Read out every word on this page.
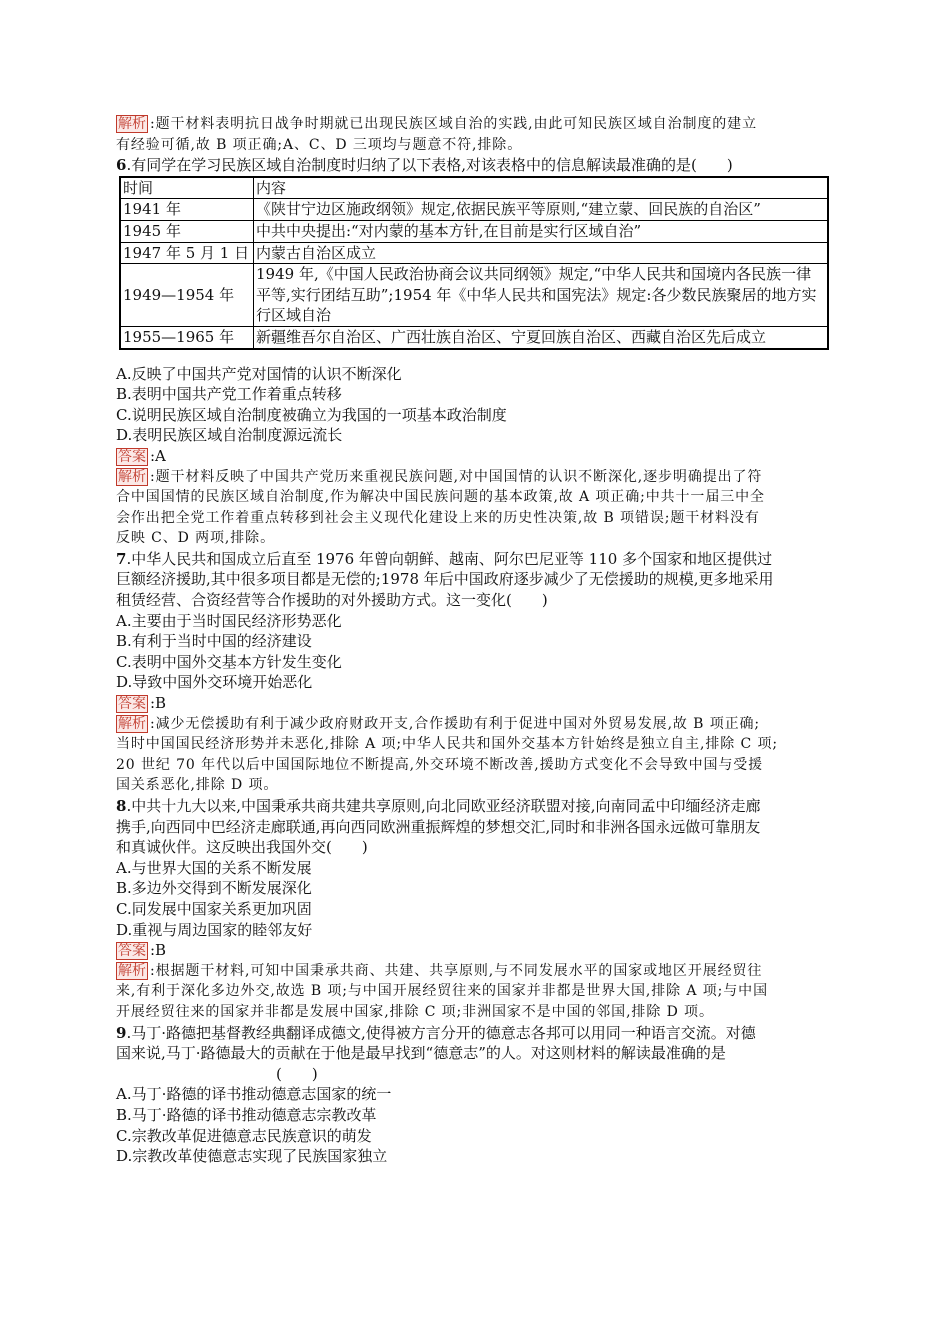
解析 :题干材料表明抗日战争时期就已出现民族区域自治的实践,由此可知民族区域自治制度的建立
有经验可循,故 B 项正确;A、C、D 三项均与题意不符,排除。
6.有同学在学习民族区域自治制度时归纳了以下表格,对该表格中的信息解读最准确的是(　　)
时间	内容
1941 年	《陕甘宁边区施政纲领》规定,依据民族平等原则,“建立蒙、回民族的自治区”
1945 年	中共中央提出:“对内蒙的基本方针,在目前是实行区域自治”
1947 年 5 月 1 日	内蒙古自治区成立
1949—1954 年	1949 年,《中国人民政治协商会议共同纲领》规定,“中华人民共和国境内各民族一律平等,实行团结互助”;1954 年《中华人民共和国宪法》规定:各少数民族聚居的地方实行区域自治
1955—1965 年	新疆维吾尔自治区、广西壮族自治区、宁夏回族自治区、西藏自治区先后成立
A.反映了中国共产党对国情的认识不断深化
B.表明中国共产党工作着重点转移
C.说明民族区域自治制度被确立为我国的一项基本政治制度
D.表明民族区域自治制度源远流长
答案 :A
解析 :题干材料反映了中国共产党历来重视民族问题,对中国国情的认识不断深化,逐步明确提出了符
合中国国情的民族区域自治制度,作为解决中国民族问题的基本政策,故 A 项正确;中共十一届三中全
会作出把全党工作着重点转移到社会主义现代化建设上来的历史性决策,故 B 项错误;题干材料没有
反映 C、D 两项,排除。
7.中华人民共和国成立后直至 1976 年曾向朝鲜、越南、阿尔巴尼亚等 110 多个国家和地区提供过
巨额经济援助,其中很多项目都是无偿的;1978 年后中国政府逐步减少了无偿援助的规模,更多地采用
租赁经营、合资经营等合作援助的对外援助方式。这一变化(　　)
A.主要由于当时国民经济形势恶化
B.有利于当时中国的经济建设
C.表明中国外交基本方针发生变化
D.导致中国外交环境开始恶化
答案 :B
解析 :减少无偿援助有利于减少政府财政开支,合作援助有利于促进中国对外贸易发展,故 B 项正确;
当时中国国民经济形势并未恶化,排除 A 项;中华人民共和国外交基本方针始终是独立自主,排除 C 项;
20 世纪 70 年代以后中国国际地位不断提高,外交环境不断改善,援助方式变化不会导致中国与受援
国关系恶化,排除 D 项。
8.中共十九大以来,中国秉承共商共建共享原则,向北同欧亚经济联盟对接,向南同孟中印缅经济走廊
携手,向西同中巴经济走廊联通,再向西同欧洲重振辉煌的梦想交汇,同时和非洲各国永远做可靠朋友
和真诚伙伴。这反映出我国外交(　　)
A.与世界大国的关系不断发展
B.多边外交得到不断发展深化
C.同发展中国家关系更加巩固
D.重视与周边国家的睦邻友好
答案 :B
解析 :根据题干材料,可知中国秉承共商、共建、共享原则,与不同发展水平的国家或地区开展经贸往
来,有利于深化多边外交,故选 B 项;与中国开展经贸往来的国家并非都是世界大国,排除 A 项;与中国
开展经贸往来的国家并非都是发展中国家,排除 C 项;非洲国家不是中国的邻国,排除 D 项。
9.马丁·路德把基督教经典翻译成德文,使得被方言分开的德意志各邦可以用同一种语言交流。对德
国来说,马丁·路德最大的贡献在于他是最早找到“德意志”的人。对这则材料的解读最准确的是
(　　)
A.马丁·路德的译书推动德意志国家的统一
B.马丁·路德的译书推动德意志宗教改革
C.宗教改革促进德意志民族意识的萌发
D.宗教改革使德意志实现了民族国家独立
